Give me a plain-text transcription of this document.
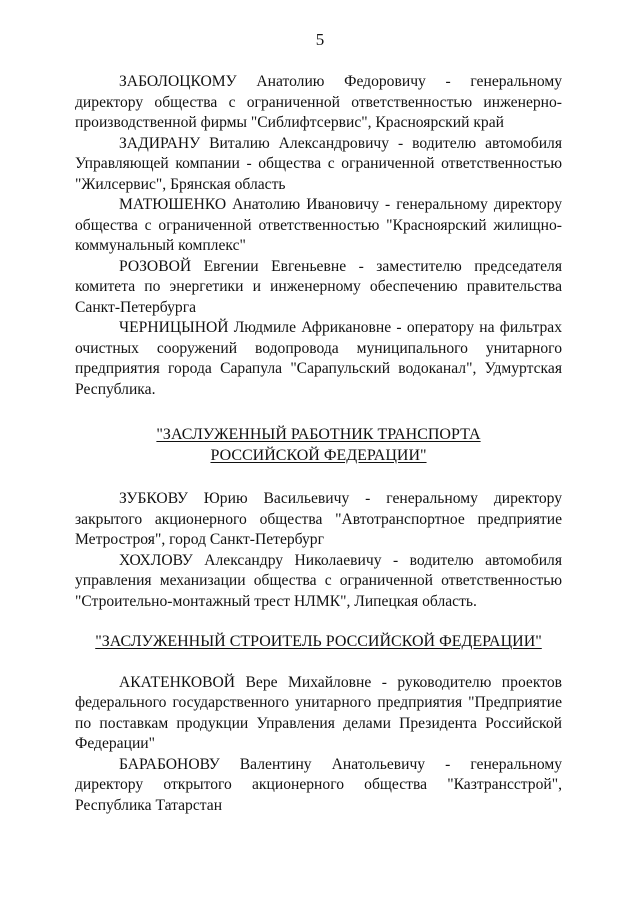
5

ЗАБОЛОЦКОМУ Анатолию Федоровичу - генеральному директору общества с ограниченной ответственностью инженерно-производственной фирмы "Сиблифтсервис", Красноярский край

ЗАДИРАНУ Виталию Александровичу - водителю автомобиля Управляющей компании - общества с ограниченной ответственностью "Жилсервис", Брянская область

МАТЮШЕНКО Анатолию Ивановичу - генеральному директору общества с ограниченной ответственностью "Красноярский жилищно-коммунальный комплекс"

РОЗОВОЙ Евгении Евгеньевне - заместителю председателя комитета по энергетики и инженерному обеспечению правительства Санкт-Петербурга

ЧЕРНИЦЫНОЙ Людмиле Африкановне - оператору на фильтрах очистных сооружений водопровода муниципального унитарного предприятия города Сарапула "Сарапульский водоканал", Удмуртская Республика.

"ЗАСЛУЖЕННЫЙ РАБОТНИК ТРАНСПОРТА
РОССИЙСКОЙ ФЕДЕРАЦИИ"

ЗУБКОВУ Юрию Васильевичу - генеральному директору закрытого акционерного общества "Автотранспортное предприятие Метростроя", город Санкт-Петербург

ХОХЛОВУ Александру Николаевичу - водителю автомобиля управления механизации общества с ограниченной ответственностью "Строительно-монтажный трест НЛМК", Липецкая область.

"ЗАСЛУЖЕННЫЙ СТРОИТЕЛЬ РОССИЙСКОЙ ФЕДЕРАЦИИ"

АКАТЕНКОВОЙ Вере Михайловне - руководителю проектов федерального государственного унитарного предприятия "Предприятие по поставкам продукции Управления делами Президента Российской Федерации"

БАРАБОНОВУ Валентину Анатольевичу - генеральному директору открытого акционерного общества "Казтрансстрой", Республика Татарстан
